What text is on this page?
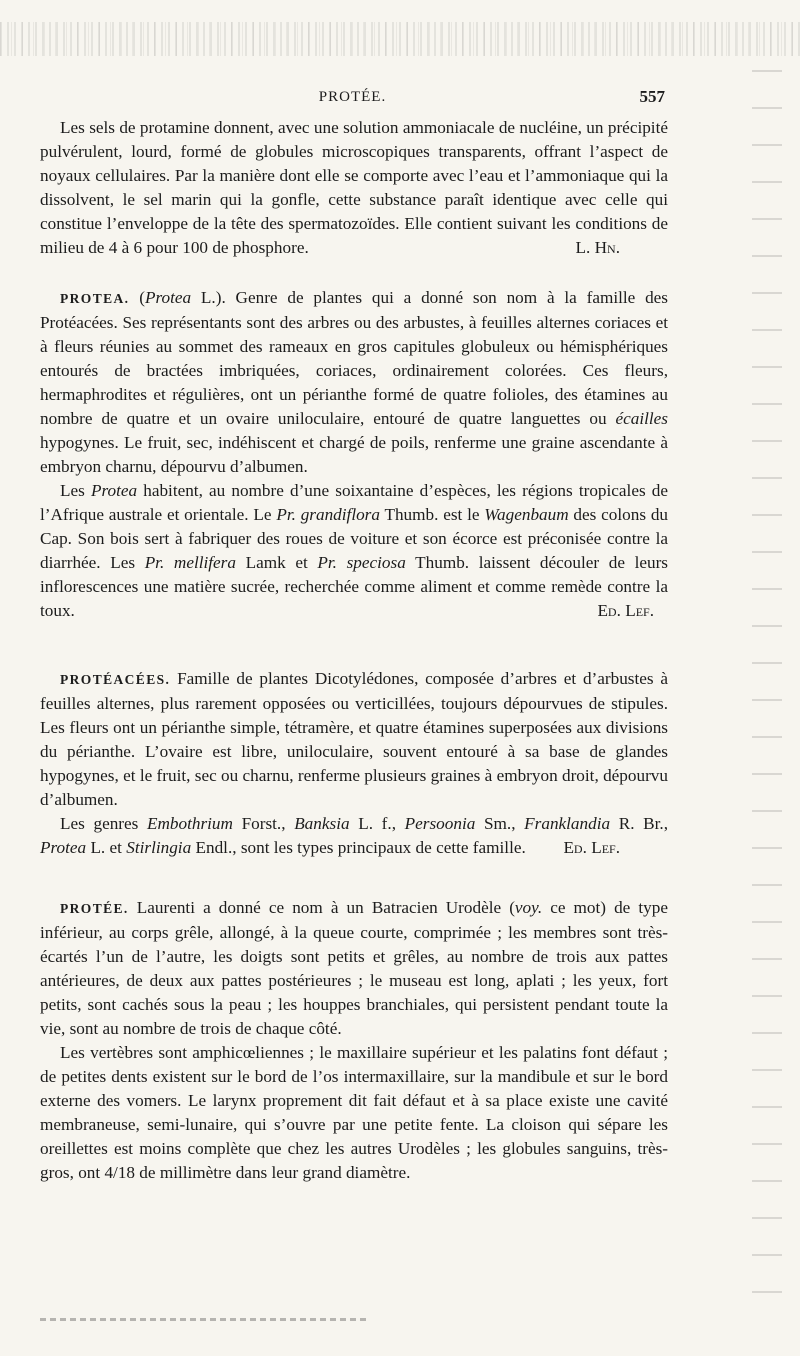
PROTÉE.	557

Les sels de protamine donnent, avec une solution ammoniacale de nucléine, un précipité pulvérulent, lourd, formé de globules microscopiques transparents, offrant l’aspect de noyaux cellulaires. Par la manière dont elle se comporte avec l’eau et l’ammoniaque qui la dissolvent, le sel marin qui la gonfle, cette substance paraît identique avec celle qui constitue l’enveloppe de la tête des spermatozoïdes. Elle contient suivant les conditions de milieu de 4 à 6 pour 100 de phosphore.	L. Hn.

PROTEA. (Protea L.). Genre de plantes qui a donné son nom à la famille des Protéacées. Ses représentants sont des arbres ou des arbustes, à feuilles alternes coriaces et à fleurs réunies au sommet des rameaux en gros capitules globuleux ou hémisphériques entourés de bractées imbriquées, coriaces, ordinairement colorées. Ces fleurs, hermaphrodites et régulières, ont un périanthe formé de quatre folioles, des étamines au nombre de quatre et un ovaire uniloculaire, entouré de quatre languettes ou écailles hypogynes. Le fruit, sec, indéhiscent et chargé de poils, renferme une graine ascendante à embryon charnu, dépourvu d’albumen.

Les Protea habitent, au nombre d’une soixantaine d’espèces, les régions tropicales de l’Afrique australe et orientale. Le Pr. grandiflora Thumb. est le Wagenbaum des colons du Cap. Son bois sert à fabriquer des roues de voiture et son écorce est préconisée contre la diarrhée. Les Pr. mellifera Lamk et Pr. speciosa Thumb. laissent découler de leurs inflorescences une matière sucrée, recherchée comme aliment et comme remède contre la toux.	Ed. Lef.

PROTÉACÉES. Famille de plantes Dicotylédones, composée d’arbres et d’arbustes à feuilles alternes, plus rarement opposées ou verticillées, toujours dépourvues de stipules. Les fleurs ont un périanthe simple, tétramère, et quatre étamines superposées aux divisions du périanthe. L’ovaire est libre, uniloculaire, souvent entouré à sa base de glandes hypogynes, et le fruit, sec ou charnu, renferme plusieurs graines à embryon droit, dépourvu d’albumen.

Les genres Embothrium Forst., Banksia L. f., Persoonia Sm., Franklandia R. Br., Protea L. et Stirlingia Endl., sont les types principaux de cette famille.	Ed. Lef.

PROTÉE. Laurenti a donné ce nom à un Batracien Urodèle (voy. ce mot) de type inférieur, au corps grêle, allongé, à la queue courte, comprimée ; les membres sont très-écartés l’un de l’autre, les doigts sont petits et grêles, au nombre de trois aux pattes antérieures, de deux aux pattes postérieures ; le museau est long, aplati ; les yeux, fort petits, sont cachés sous la peau ; les houppes branchiales, qui persistent pendant toute la vie, sont au nombre de trois de chaque côté.

Les vertèbres sont amphicœliennes ; le maxillaire supérieur et les palatins font défaut ; de petites dents existent sur le bord de l’os intermaxillaire, sur la mandibule et sur le bord externe des vomers. Le larynx proprement dit fait défaut et à sa place existe une cavité membraneuse, semi-lunaire, qui s’ouvre par une petite fente. La cloison qui sépare les oreillettes est moins complète que chez les autres Urodèles ; les globules sanguins, très-gros, ont 4/18 de millimètre dans leur grand diamètre.
